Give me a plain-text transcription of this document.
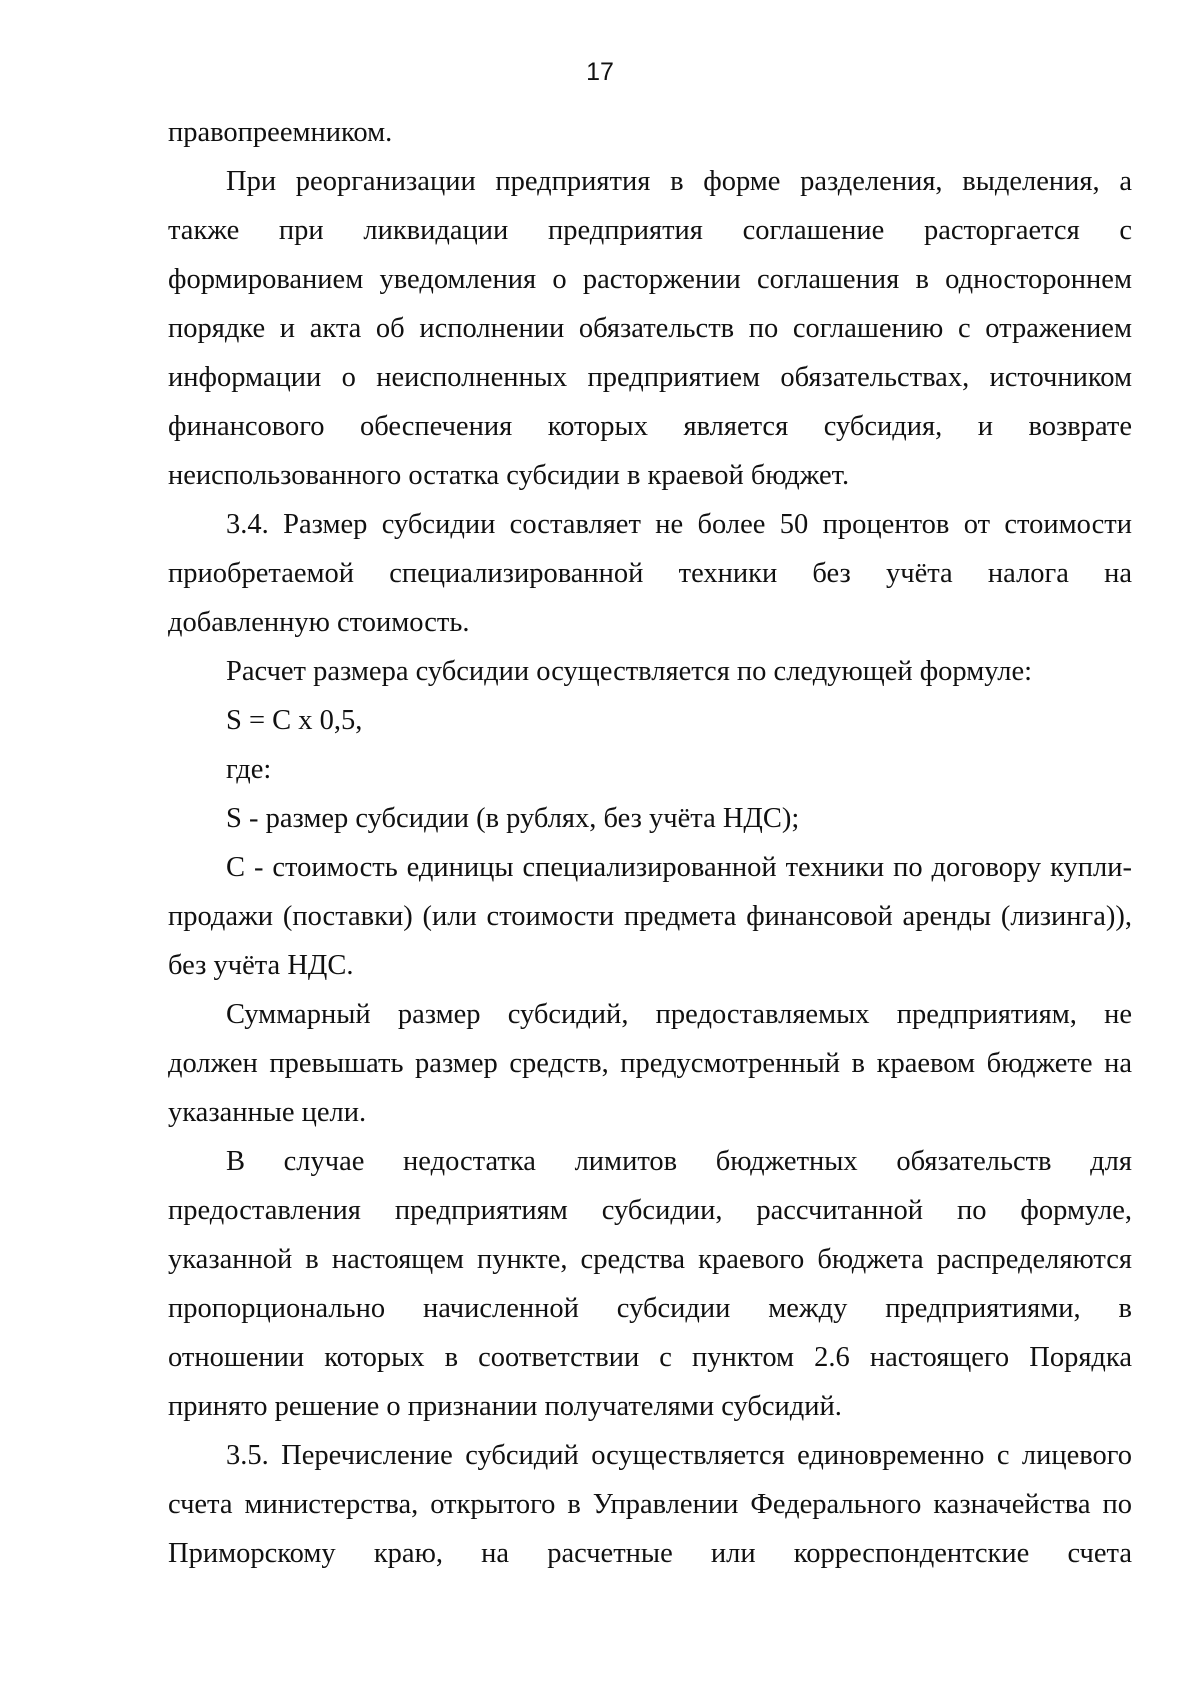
17
правопреемником.
При реорганизации предприятия в форме разделения, выделения, а
также при ликвидации предприятия соглашение расторгается с
формированием уведомления о расторжении соглашения в одностороннем
порядке и акта об исполнении обязательств по соглашению с отражением
информации о неисполненных предприятием обязательствах, источником
финансового обеспечения которых является субсидия, и возврате
неиспользованного остатка субсидии в краевой бюджет.
3.4. Размер субсидии составляет не более 50 процентов от стоимости
приобретаемой специализированной техники без учёта налога на
добавленную стоимость.
Расчет размера субсидии осуществляется по следующей формуле:
S = C x 0,5,
где:
S - размер субсидии (в рублях, без учёта НДС);
С - стоимость единицы специализированной техники по договору купли-
продажи (поставки) (или стоимости предмета финансовой аренды (лизинга)),
без учёта НДС.
Суммарный размер субсидий, предоставляемых предприятиям, не
должен превышать размер средств, предусмотренный в краевом бюджете на
указанные цели.
В случае недостатка лимитов бюджетных обязательств для
предоставления предприятиям субсидии, рассчитанной по формуле,
указанной в настоящем пункте, средства краевого бюджета распределяются
пропорционально начисленной субсидии между предприятиями, в
отношении которых в соответствии с пунктом 2.6 настоящего Порядка
принято решение о признании получателями субсидий.
3.5. Перечисление субсидий осуществляется единовременно с лицевого
счета министерства, открытого в Управлении Федерального казначейства по
Приморскому краю, на расчетные или корреспондентские счета
